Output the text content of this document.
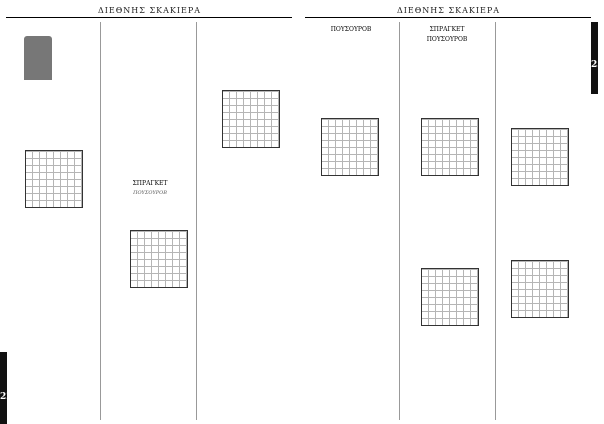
ΔΙΕΘΝΗΣ ΣΚΑΚΙΕΡΑ
ΣΠΡΑΓΚΕΤ
ΠΟΥΣΟΥΡΟΒ
22
ΔΙΕΘΝΗΣ ΣΚΑΚΙΕΡΑ
ΠΟΥΣΟΥΡΟΒ	ΣΠΡΑΓΚΕΤ
ΠΟΥΣΟΥΡΟΒ
23
